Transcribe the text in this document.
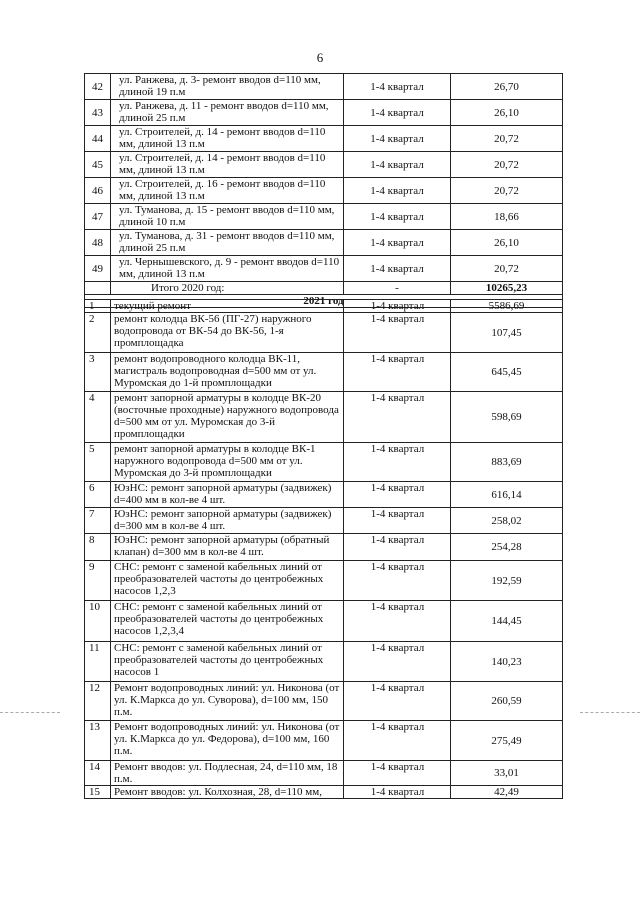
6
42	ул. Ранжева, д. 3- ремонт вводов d=110 мм, длиной 19 п.м	1-4 квартал	26,70
43	ул. Ранжева, д. 11 - ремонт вводов d=110 мм, длиной 25 п.м	1-4 квартал	26,10
44	ул. Строителей, д. 14 - ремонт вводов d=110 мм, длиной 13 п.м	1-4 квартал	20,72
45	ул. Строителей, д. 14 - ремонт вводов d=110 мм, длиной 13 п.м	1-4 квартал	20,72
46	ул. Строителей, д. 16 - ремонт вводов d=110 мм, длиной 13 п.м	1-4 квартал	20,72
47	ул. Туманова, д. 15 - ремонт вводов d=110 мм, длиной 10 п.м	1-4 квартал	18,66
48	ул. Туманова, д. 31 - ремонт вводов d=110 мм, длиной 25 п.м	1-4 квартал	26,10
49	ул. Чернышевского, д. 9 - ремонт вводов d=110 мм, длиной 13 п.м	1-4 квартал	20,72
	Итого 2020 год:	-	10265,23
2021 год			
1	текущий ремонт	1-4 квартал	5586,69
2	ремонт колодца ВК-56 (ПГ-27) наружного водопровода от ВК-54 до ВК-56, 1-я промплощадка	1-4 квартал	107,45
3	ремонт водопроводного колодца ВК-11, магистраль водопроводная d=500 мм от ул. Муромская до 1-й промплощадки	1-4 квартал	645,45
4	ремонт запорной арматуры в колодце ВК-20 (восточные проходные) наружного водопровода d=500 мм от ул. Муромская до 3-й промплощадки	1-4 квартал	598,69
5	ремонт запорной арматуры в колодце ВК-1 наружного водопровода d=500 мм от ул. Муромская до 3-й промплощадки	1-4 квартал	883,69
6	ЮзНС: ремонт запорной арматуры (задвижек) d=400 мм в кол-ве 4 шт.	1-4 квартал	616,14
7	ЮзНС: ремонт запорной арматуры (задвижек) d=300 мм в кол-ве 4 шт.	1-4 квартал	258,02
8	ЮзНС: ремонт запорной арматуры (обратный клапан) d=300 мм в кол-ве 4 шт.	1-4 квартал	254,28
9	СНС: ремонт с заменой кабельных линий от преобразователей частоты до центробежных насосов 1,2,3	1-4 квартал	192,59
10	СНС: ремонт с заменой кабельных линий от преобразователей частоты до центробежных насосов 1,2,3,4	1-4 квартал	144,45
11	СНС: ремонт с заменой кабельных линий от преобразователей частоты до центробежных насосов 1	1-4 квартал	140,23
12	Ремонт водопроводных линий: ул. Никонова (от ул. К.Маркса до ул. Суворова), d=100 мм, 150 п.м.	1-4 квартал	260,59
13	Ремонт водопроводных линий: ул. Никонова (от ул. К.Маркса до ул. Федорова), d=100 мм, 160 п.м.	1-4 квартал	275,49
14	Ремонт вводов: ул. Подлесная, 24, d=110 мм, 18 п.м.	1-4 квартал	33,01
15	Ремонт вводов: ул. Колхозная, 28, d=110 мм,	1-4 квартал	42,49
